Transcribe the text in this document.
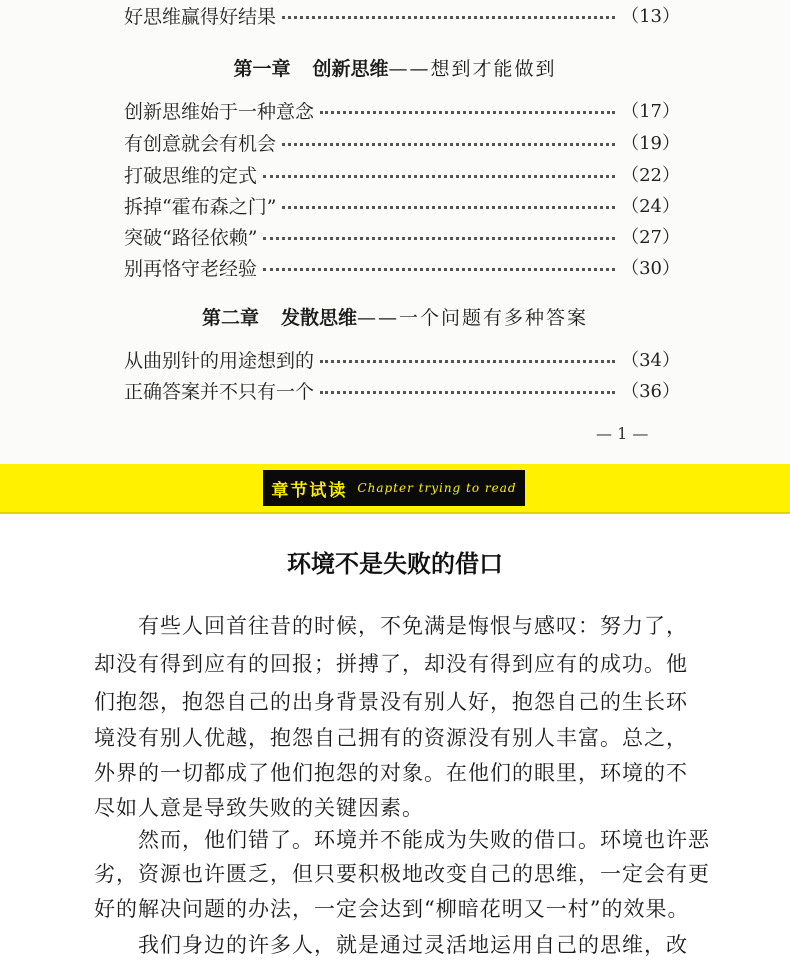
好思维赢得好结果	（13）
第一章 创新思维——想到才能做到
创新思维始于一种意念	（17）
有创意就会有机会	（19）
打破思维的定式	（22）
拆掉“霍布森之门”	（24）
突破“路径依赖”	（27）
别再恪守老经验	（30）
第二章 发散思维——一个问题有多种答案
从曲别针的用途想到的	（34）
正确答案并不只有一个	（36）
— 1 —
章节试读 Chapter trying to read
环境不是失败的借口
　　有些人回首往昔的时候，不免满是悔恨与感叹：努力了，
却没有得到应有的回报；拼搏了，却没有得到应有的成功。他
们抱怨，抱怨自己的出身背景没有别人好，抱怨自己的生长环
境没有别人优越，抱怨自己拥有的资源没有别人丰富。总之，
外界的一切都成了他们抱怨的对象。在他们的眼里，环境的不
尽如人意是导致失败的关键因素。
　　然而，他们错了。环境并不能成为失败的借口。环境也许恶
劣，资源也许匮乏，但只要积极地改变自己的思维，一定会有更
好的解决问题的办法，一定会达到“柳暗花明又一村”的效果。
　　我们身边的许多人，就是通过灵活地运用自己的思维，改
